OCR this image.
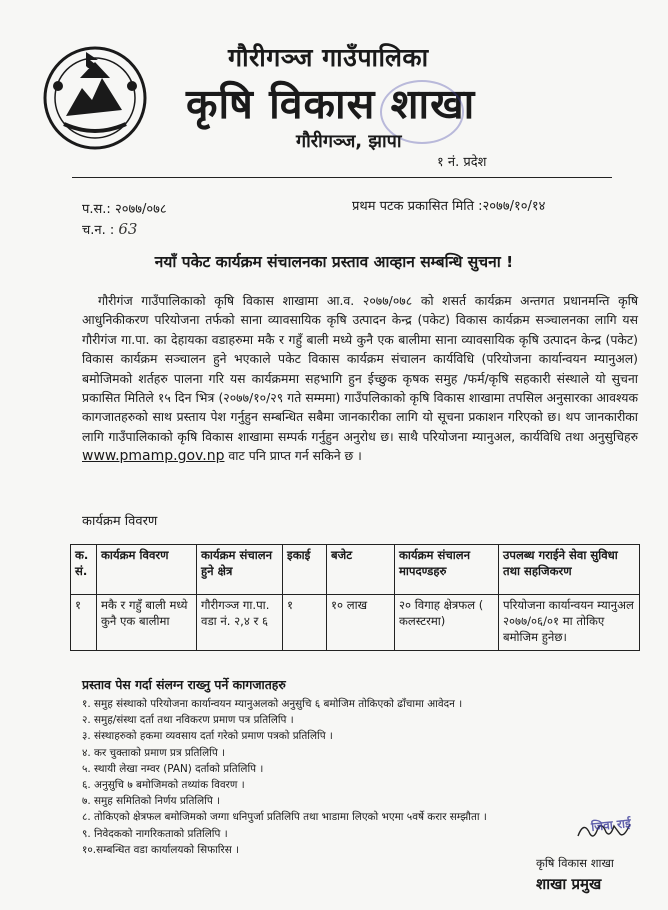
गौरीगञ्ज गाउँपालिका
कृषि विकास शाखा
गौरीगञ्ज, झापा
१ नं. प्रदेश
प.स.: २०७७/०७८
च.न. : 63
प्रथम पटक प्रकासित मिति :२०७७/१०/१४
नयाँ पकेट कार्यक्रम संचालनका प्रस्ताव आव्हान सम्बन्धि सुचना !
गौरीगंज गाउँपालिकाको कृषि विकास शाखामा आ.व. २०७७/०७८ को शसर्त कार्यक्रम अन्तगत प्रधानमन्ति कृषि आधुनिकीकरण परियोजना तर्फको साना व्यावसायिक कृषि उत्पादन केन्द्र (पकेट) विकास कार्यक्रम सञ्चालनका लागि यस गौरीगंज गा.पा. का देहायका वडाहरुमा मकै र गहुँ बाली मध्ये कुनै एक बालीमा साना व्यावसायिक कृषि उत्पादन केन्द्र (पकेट) विकास कार्यक्रम सञ्चालन हुने भएकाले पकेट विकास कार्यक्रम संचालन कार्यविधि (परियोजना कार्यान्वयन म्यानुअल) बमोजिमको शर्तहरु पालना गरि यस कार्यक्रममा सहभागि हुन ईच्छुक कृषक समुह /फर्म/कृषि सहकारी संस्थाले यो सुचना प्रकासित मितिले १५ दिन भित्र (२०७७/१०/२९ गते सम्ममा) गाउँपलिकाको कृषि विकास शाखामा तपसिल अनुसारका आवश्यक कागजातहरुको साथ प्रस्ताय पेश गर्नुहुन सम्बन्धित सबैमा जानकारीका लागि यो सूचना प्रकाशन गरिएको छ। थप जानकारीका लागि गाउँपालिकाको कृषि विकास शाखामा सम्पर्क गर्नुहुन अनुरोध छ। साथै परियोजना म्यानुअल, कार्यविधि तथा अनुसुचिहरु www.pmamp.gov.np वाट पनि प्राप्त गर्न सकिने छ ।
कार्यक्रम विवरण
क. सं.	कार्यक्रम विवरण	कार्यक्रम संचालन हुने क्षेत्र	इकाई	बजेट	कार्यक्रम संचालन मापदण्डहरु	उपलब्ध गराईने सेवा सुविधा तथा सहजिकरण
१	मकै र गहुँ बाली मध्ये कुनै एक बालीमा	गौरीगञ्ज गा.पा. वडा नं. २,४ र ६	१	१० लाख	२० विगाह क्षेत्रफल ( कलस्टरमा)	परियोजना कार्यान्वयन म्यानुअल २०७७/०६/०१ मा तोकिए बमोजिम हुनेछ।
प्रस्ताव पेस गर्दा संलग्न राख्नु पर्ने कागजातहरु
१. समुह संस्थाको परियोजना कार्यान्वयन म्यानुअलको अनुसुचि ६ बमोजिम तोकिएको ढाँचामा आवेदन ।
२. समुह/संस्था दर्ता तथा नविकरण प्रमाण पत्र प्रतिलिपि ।
३. संस्थाहरुको हकमा व्यवसाय दर्ता गरेको प्रमाण पत्रको प्रतिलिपि ।
४. कर चुक्ताको प्रमाण प्रत्र प्रतिलिपि ।
५. स्थायी लेखा नम्वर (PAN) दर्ताको प्रतिलिपि ।
६. अनुसुचि ७ बमोजिमको तथ्यांक विवरण ।
७. समुह समितिको निर्णय प्रतिलिपि ।
८. तोकिएको क्षेत्रफल बमोजिमको जग्गा धनिपुर्जा प्रतिलिपि तथा भाडामा लिएको भएमा ५वर्षे करार सम्झौता ।
९. निवेदकको नागरिकताको प्रतिलिपि ।
१०.सम्बन्धित वडा कार्यालयको सिफारिस ।
जिवा राई
कृषि विकास शाखा
शाखा प्रमुख
